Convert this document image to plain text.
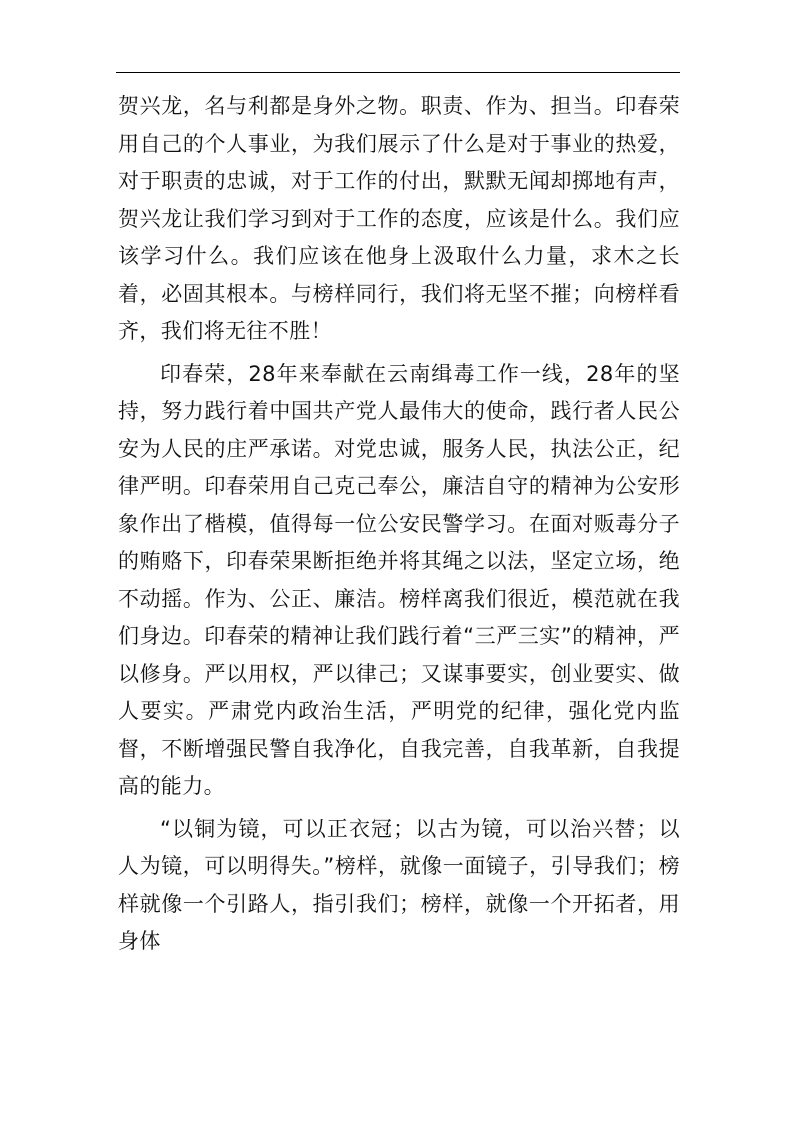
贺兴龙，名与利都是身外之物。职责、作为、担当。印春荣用自己的个人事业，为我们展示了什么是对于事业的热爱，对于职责的忠诚，对于工作的付出，默默无闻却掷地有声，贺兴龙让我们学习到对于工作的态度，应该是什么。我们应该学习什么。我们应该在他身上汲取什么力量，求木之长着，必固其根本。与榜样同行，我们将无坚不摧；向榜样看齐，我们将无往不胜！

印春荣，28年来奉献在云南缉毒工作一线，28年的坚持，努力践行着中国共产党人最伟大的使命，践行者人民公安为人民的庄严承诺。对党忠诚，服务人民，执法公正，纪律严明。印春荣用自己克己奉公，廉洁自守的精神为公安形象作出了楷模，值得每一位公安民警学习。在面对贩毒分子的贿赂下，印春荣果断拒绝并将其绳之以法，坚定立场，绝不动摇。作为、公正、廉洁。榜样离我们很近，模范就在我们身边。印春荣的精神让我们践行着“三严三实”的精神，严以修身。严以用权，严以律己；又谋事要实，创业要实、做人要实。严肃党内政治生活，严明党的纪律，强化党内监督，不断增强民警自我净化，自我完善，自我革新，自我提高的能力。

“以铜为镜，可以正衣冠；以古为镜，可以治兴替；以人为镜，可以明得失。”榜样，就像一面镜子，引导我们；榜样就像一个引路人，指引我们；榜样，就像一个开拓者，用身体
